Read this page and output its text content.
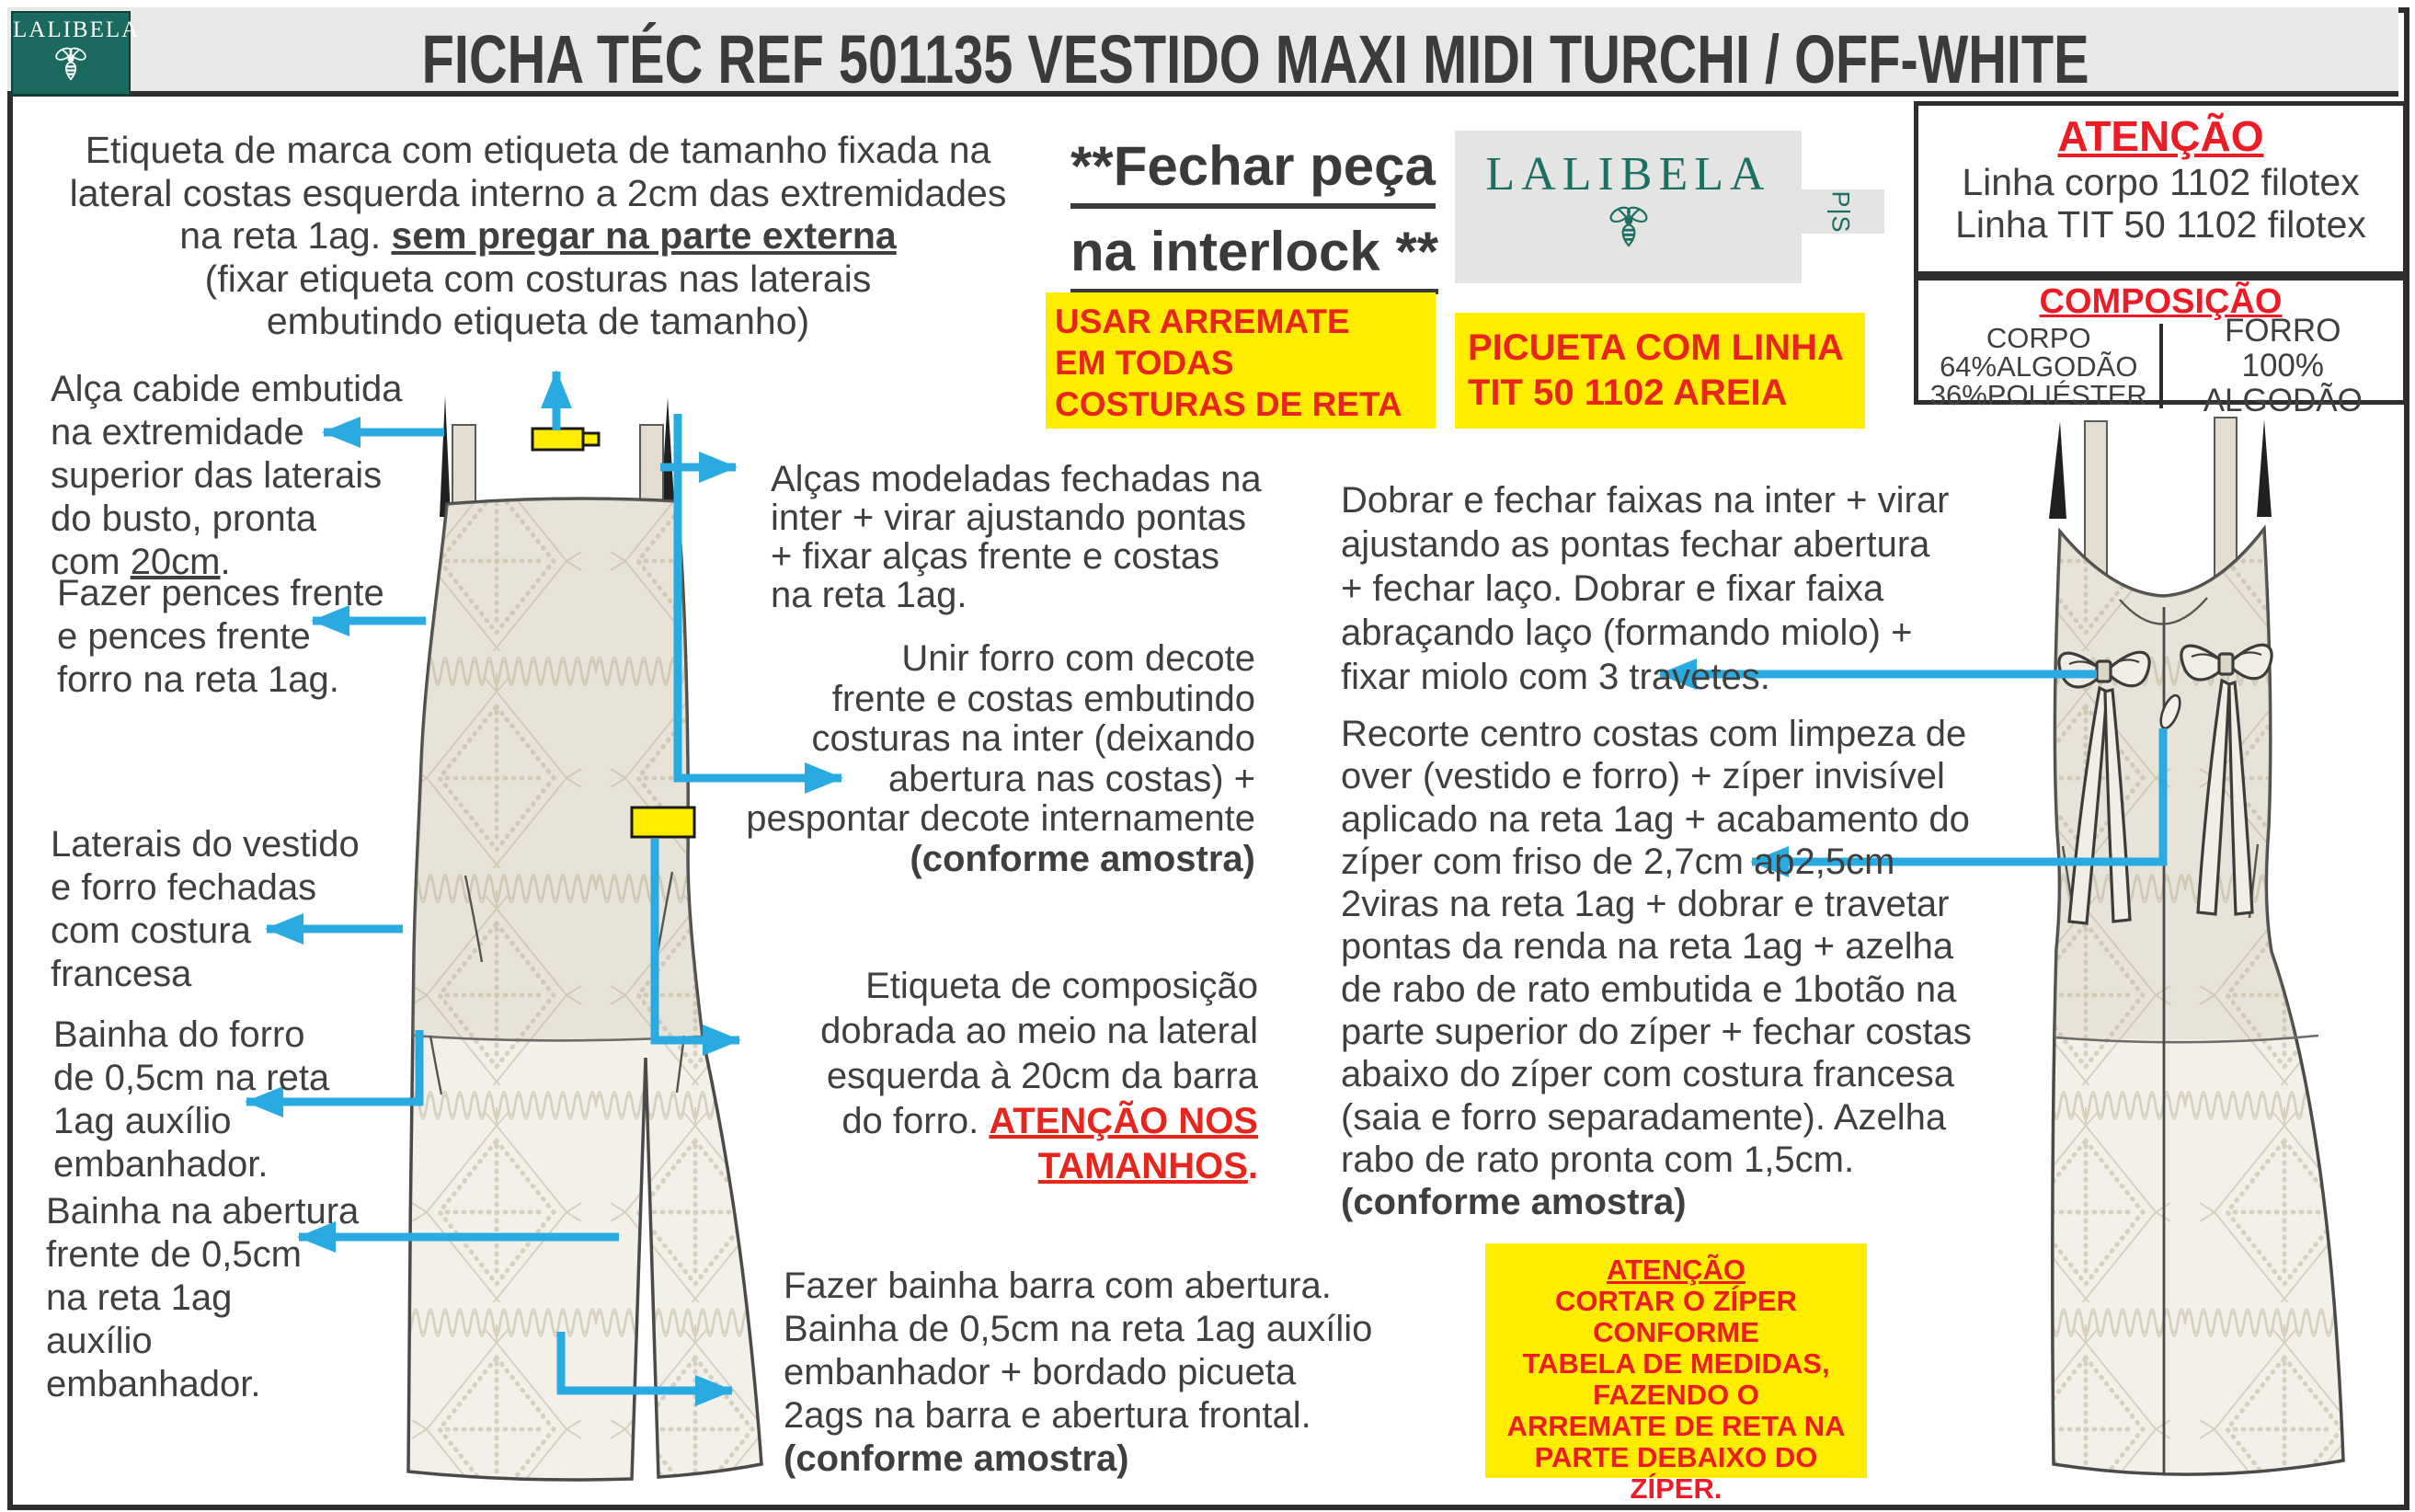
FICHA TÉC REF 501135 VESTIDO MAXI MIDI TURCHI / OFF-WHITE
LALIBELA
ATENÇÃO
Linha corpo 1102 filotex
Linha TIT 50 1102 filotex
COMPOSIÇÃO
CORPO
64%ALGODÃO
36%POLIÉSTER
FORRO
100% ALGODÃO
**Fechar peça
na interlock **
LALIBELA
P|S
USAR ARREMATE
EM TODAS
COSTURAS DE RETA
PICUETA COM LINHA
TIT 50 1102 AREIA
Etiqueta de marca com etiqueta de tamanho fixada na
lateral costas esquerda interno a 2cm das extremidades
na reta 1ag. sem pregar na parte externa
(fixar etiqueta com costuras nas laterais
embutindo etiqueta de tamanho)
Alça cabide embutida
na extremidade
superior das laterais
do busto, pronta
com 20cm.
Fazer pences frente
e pences frente
forro na reta 1ag.
Laterais do vestido
e forro fechadas
com costura
francesa
Bainha do forro
de 0,5cm na reta
1ag auxílio
embanhador.
Bainha na abertura
frente de 0,5cm
na reta 1ag
auxílio
embanhador.
Alças modeladas fechadas na
inter + virar ajustando pontas
+ fixar alças frente e costas
na reta 1ag.
Unir forro com decote
frente e costas embutindo
costuras na inter (deixando
abertura nas costas) +
pespontar decote internamente
(conforme amostra)
Etiqueta de composição
dobrada ao meio na lateral
esquerda à 20cm da barra
do forro. ATENÇÃO NOS
TAMANHOS.
Fazer bainha barra com abertura.
Bainha de 0,5cm na reta 1ag auxílio
embanhador + bordado picueta
2ags na barra e abertura frontal.
(conforme amostra)
Dobrar e fechar faixas na inter + virar
ajustando as pontas fechar abertura
+ fechar laço. Dobrar e fixar faixa
abraçando laço (formando miolo) +
fixar miolo com 3 travetes.
Recorte centro costas com limpeza de
over (vestido e forro) + zíper invisível
aplicado na reta 1ag + acabamento do
zíper com friso de 2,7cm ap2,5cm
2viras na reta 1ag + dobrar e travetar
pontas da renda na reta 1ag + azelha
de rabo de rato embutida e 1botão na
parte superior do zíper + fechar costas
abaixo do zíper com costura francesa
(saia e forro separadamente). Azelha
rabo de rato pronta com 1,5cm.
(conforme amostra)
ATENÇÃO
CORTAR O ZÍPER
CONFORME
TABELA DE MEDIDAS,
FAZENDO O
ARREMATE DE RETA NA
PARTE DEBAIXO DO ZÍPER.
